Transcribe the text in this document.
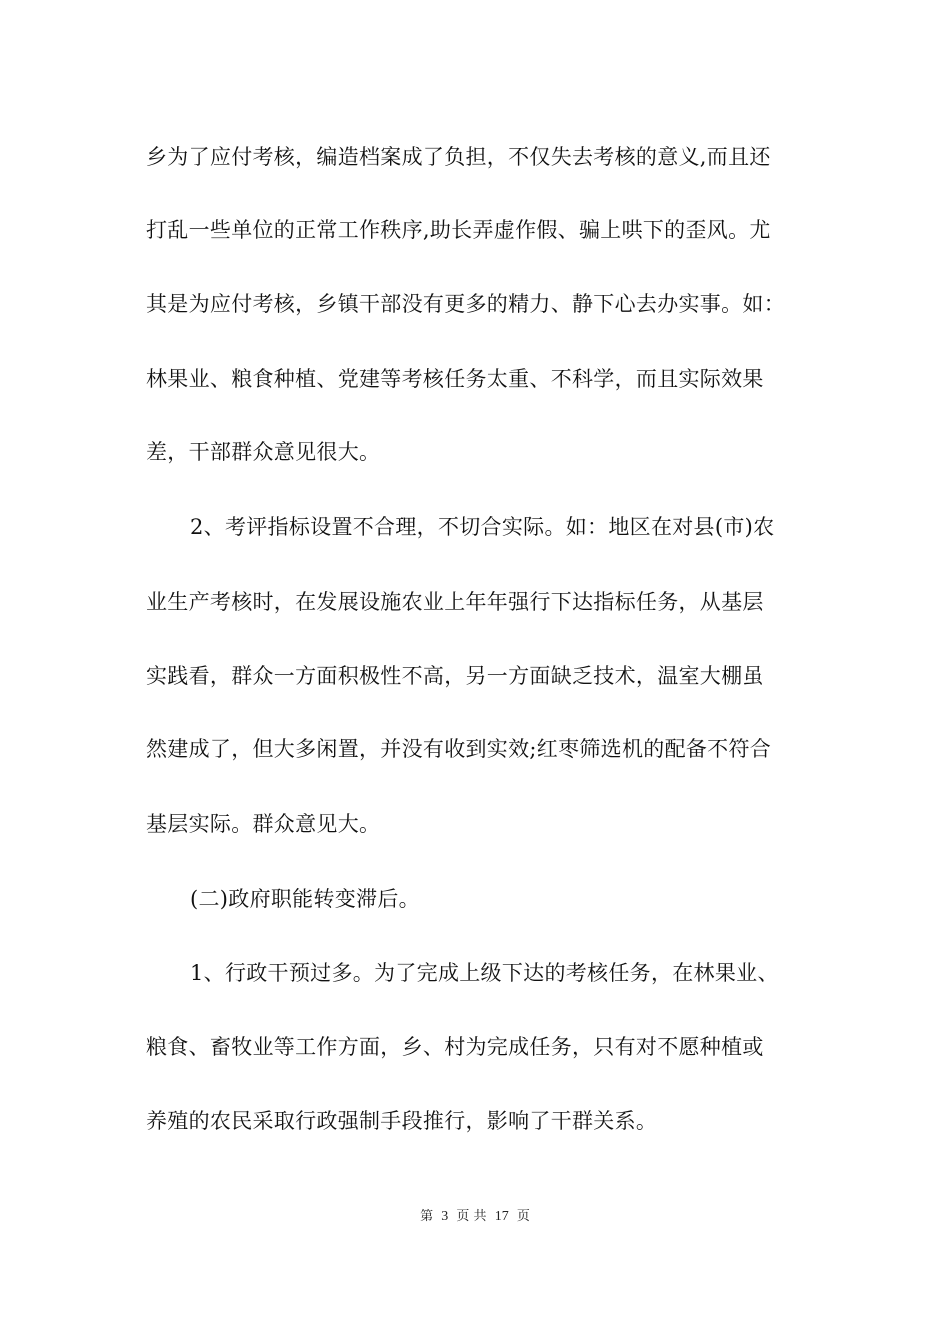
乡为了应付考核，编造档案成了负担，不仅失去考核的意义,而且还
打乱一些单位的正常工作秩序,助长弄虚作假、骗上哄下的歪风。尤
其是为应付考核，乡镇干部没有更多的精力、静下心去办实事。如：
林果业、粮食种植、党建等考核任务太重、不科学，而且实际效果
差，干部群众意见很大。
2、考评指标设置不合理，不切合实际。如：地区在对县(市)农
业生产考核时，在发展设施农业上年年强行下达指标任务，从基层
实践看，群众一方面积极性不高，另一方面缺乏技术，温室大棚虽
然建成了，但大多闲置，并没有收到实效;红枣筛选机的配备不符合
基层实际。群众意见大。
(二)政府职能转变滞后。
1、行政干预过多。为了完成上级下达的考核任务，在林果业、
粮食、畜牧业等工作方面，乡、村为完成任务，只有对不愿种植或
养殖的农民采取行政强制手段推行，影响了干群关系。
第 3 页 共 17 页
